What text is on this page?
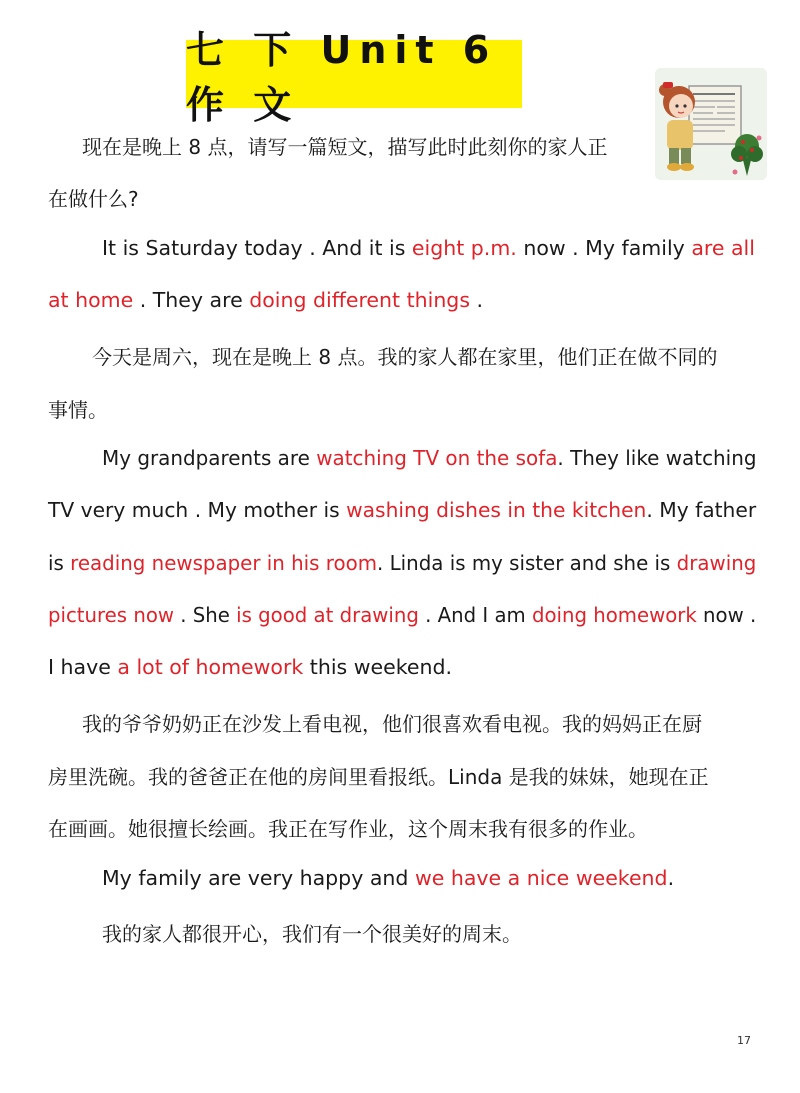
七 下 Unit 6 作 文
现在是晚上 8 点，请写一篇短文，描写此时此刻你的家人正
在做什么?
It is Saturday today . And it is eight p.m. now . My family are all
at home . They are doing different things .
今天是周六，现在是晚上 8 点。我的家人都在家里，他们正在做不同的
事情。
My grandparents are watching TV on the sofa. They like watching
TV very much . My mother is washing dishes in the kitchen. My father
is reading newspaper in his room. Linda is my sister and she is drawing
pictures now . She is good at drawing . And I am doing homework now .
I have a lot of homework this weekend.
我的爷爷奶奶正在沙发上看电视，他们很喜欢看电视。我的妈妈正在厨
房里洗碗。我的爸爸正在他的房间里看报纸。Linda 是我的妹妹，她现在正
在画画。她很擅长绘画。我正在写作业，这个周末我有很多的作业。
My family are very happy and we have a nice weekend.
我的家人都很开心，我们有一个很美好的周末。
17
